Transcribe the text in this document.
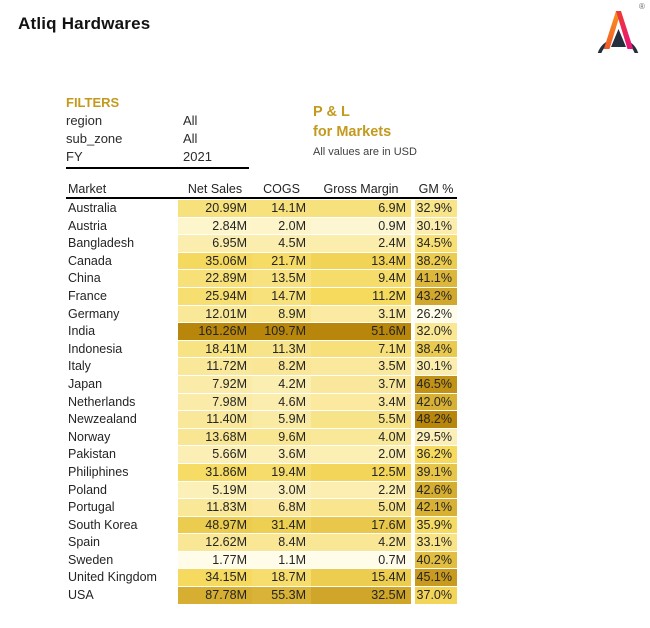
Atliq Hardwares
®
FILTERS
region	All
sub_zone	All
FY	2021
P & L
for Markets
All values are in USD
Market	Net Sales	COGS	Gross Margin	GM %
Australia	20.99M	14.1M	6.9M 32.9%
Austria	2.84M	2.0M	0.9M 30.1%
Bangladesh	6.95M	4.5M	2.4M 34.5%
Canada	35.06M	21.7M	13.4M 38.2%
China	22.89M	13.5M	9.4M 41.1%
France	25.94M	14.7M	11.2M 43.2%
Germany	12.01M	8.9M	3.1M 26.2%
India	161.26M	109.7M	51.6M 32.0%
Indonesia	18.41M	11.3M	7.1M 38.4%
Italy	11.72M	8.2M	3.5M 30.1%
Japan	7.92M	4.2M	3.7M 46.5%
Netherlands	7.98M	4.6M	3.4M 42.0%
Newzealand	11.40M	5.9M	5.5M 48.2%
Norway	13.68M	9.6M	4.0M 29.5%
Pakistan	5.66M	3.6M	2.0M 36.2%
Philiphines	31.86M	19.4M	12.5M 39.1%
Poland	5.19M	3.0M	2.2M 42.6%
Portugal	11.83M	6.8M	5.0M 42.1%
South Korea	48.97M	31.4M	17.6M 35.9%
Spain	12.62M	8.4M	4.2M 33.1%
Sweden	1.77M	1.1M	0.7M 40.2%
United Kingdom	34.15M	18.7M	15.4M 45.1%
USA	87.78M	55.3M	32.5M 37.0%
